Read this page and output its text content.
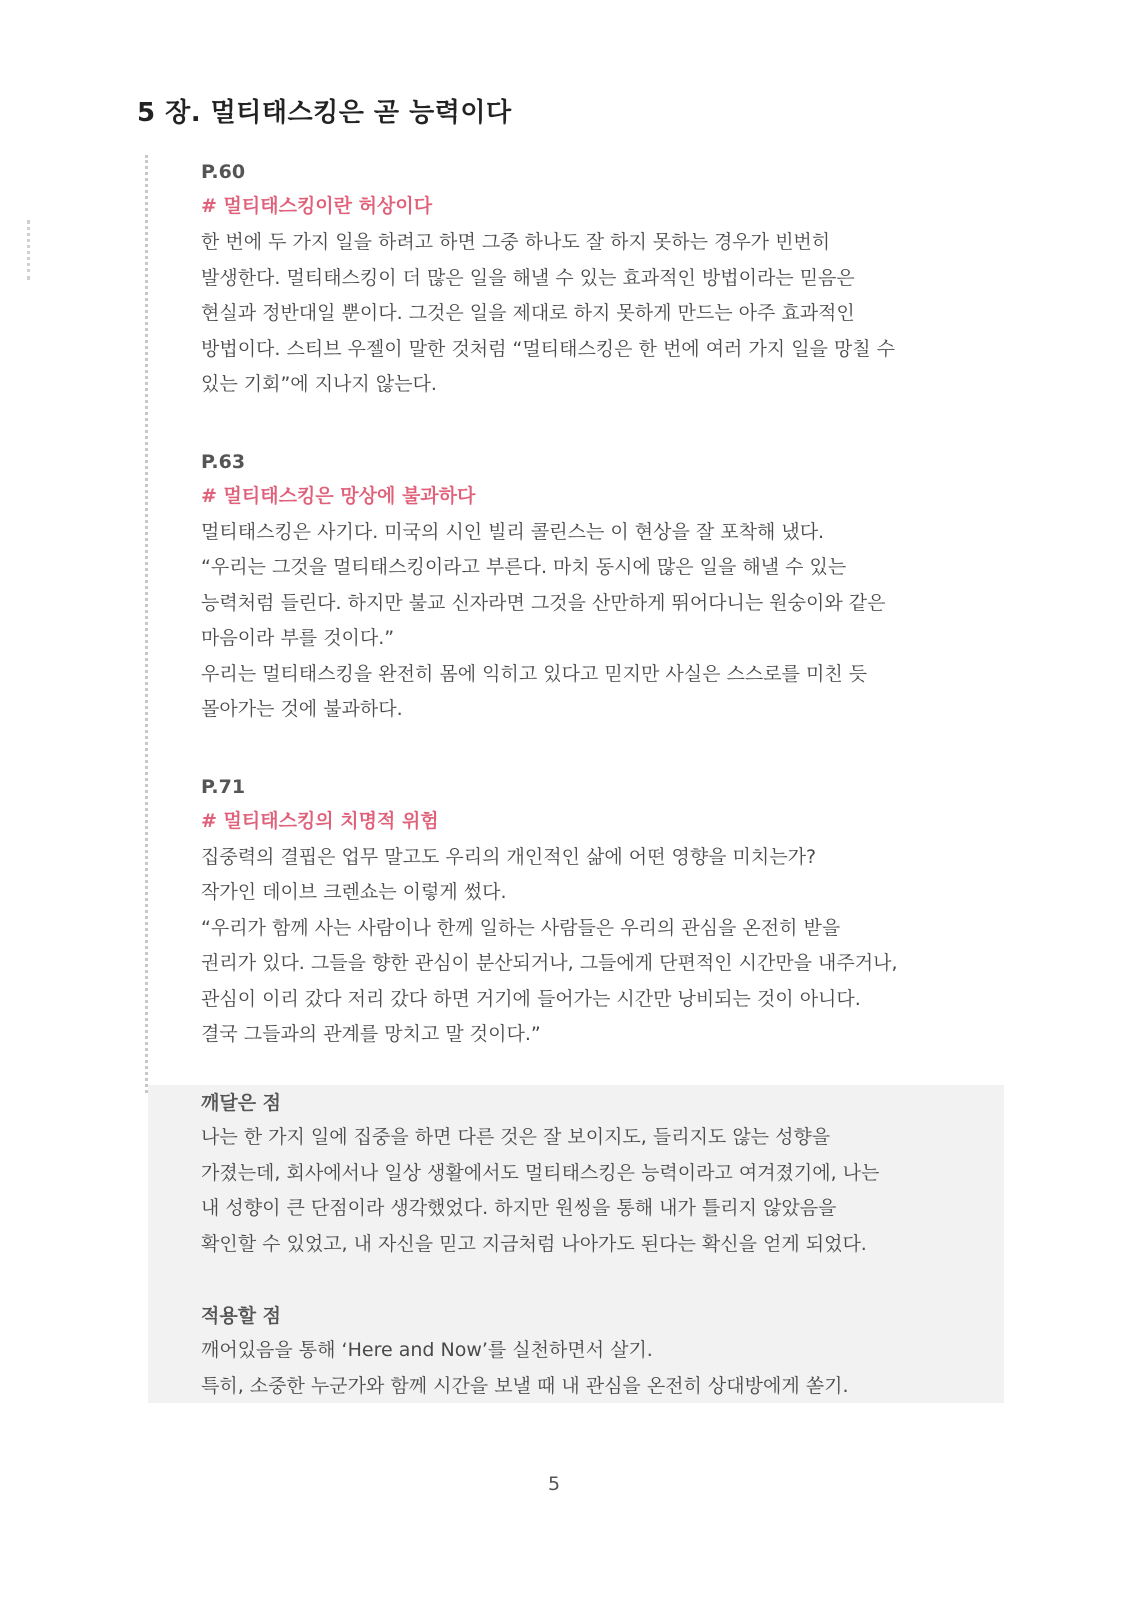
5 장. 멀티태스킹은 곧 능력이다
P.60
# 멀티태스킹이란 허상이다
한 번에 두 가지 일을 하려고 하면 그중 하나도 잘 하지 못하는 경우가 빈번히
발생한다. 멀티태스킹이 더 많은 일을 해낼 수 있는 효과적인 방법이라는 믿음은
현실과 정반대일 뿐이다. 그것은 일을 제대로 하지 못하게 만드는 아주 효과적인
방법이다. 스티브 우젤이 말한 것처럼 “멀티태스킹은 한 번에 여러 가지 일을 망칠 수
있는 기회”에 지나지 않는다.
P.63
# 멀티태스킹은 망상에 불과하다
멀티태스킹은 사기다. 미국의 시인 빌리 콜린스는 이 현상을 잘 포착해 냈다.
“우리는 그것을 멀티태스킹이라고 부른다. 마치 동시에 많은 일을 해낼 수 있는
능력처럼 들린다. 하지만 불교 신자라면 그것을 산만하게 뛰어다니는 원숭이와 같은
마음이라 부를 것이다.”
우리는 멀티태스킹을 완전히 몸에 익히고 있다고 믿지만 사실은 스스로를 미친 듯
몰아가는 것에 불과하다.
P.71
# 멀티태스킹의 치명적 위험
집중력의 결핍은 업무 말고도 우리의 개인적인 삶에 어떤 영향을 미치는가?
작가인 데이브 크렌쇼는 이렇게 썼다.
“우리가 함께 사는 사람이나 한께 일하는 사람들은 우리의 관심을 온전히 받을
권리가 있다. 그들을 향한 관심이 분산되거나, 그들에게 단편적인 시간만을 내주거나,
관심이 이리 갔다 저리 갔다 하면 거기에 들어가는 시간만 낭비되는 것이 아니다.
결국 그들과의 관계를 망치고 말 것이다.”
깨달은 점
나는 한 가지 일에 집중을 하면 다른 것은 잘 보이지도, 들리지도 않는 성향을
가졌는데, 회사에서나 일상 생활에서도 멀티태스킹은 능력이라고 여겨졌기에, 나는
내 성향이 큰 단점이라 생각했었다. 하지만 원씽을 통해 내가 틀리지 않았음을
확인할 수 있었고, 내 자신을 믿고 지금처럼 나아가도 된다는 확신을 얻게 되었다.
적용할 점
깨어있음을 통해 ‘Here and Now’를 실천하면서 살기.
특히, 소중한 누군가와 함께 시간을 보낼 때 내 관심을 온전히 상대방에게 쏟기.
5
